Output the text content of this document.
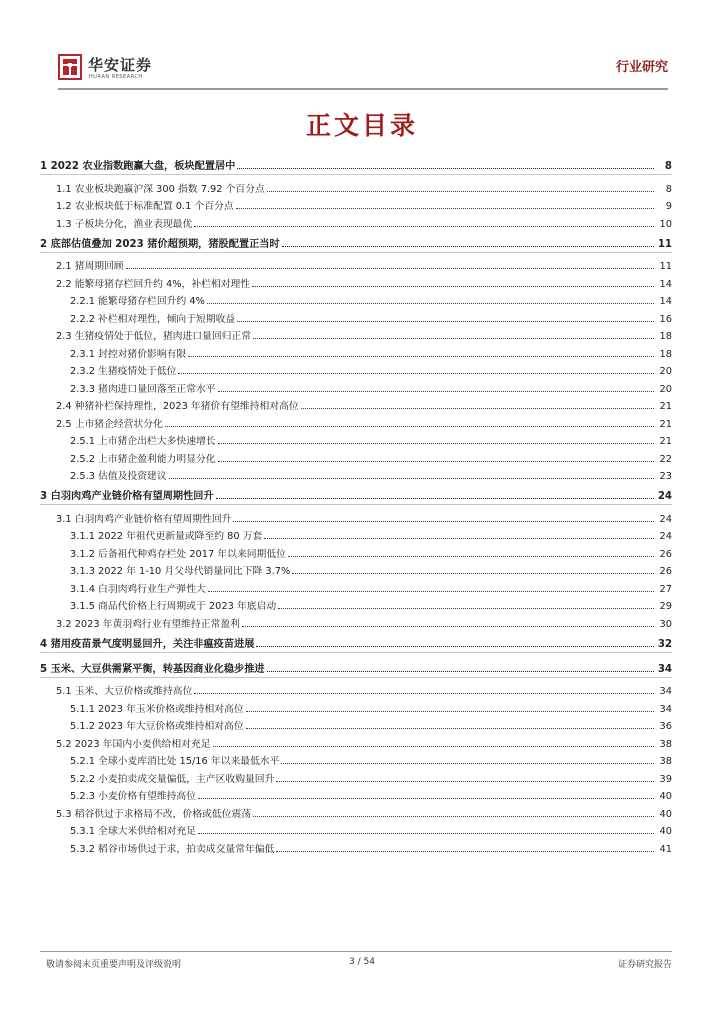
华安证券
HUAAN RESEARCH
行业研究
正文目录
1 2022 农业指数跑赢大盘，板块配置居中	8
1.1 农业板块跑赢沪深 300 指数 7.92 个百分点	8
1.2 农业板块低于标准配置 0.1 个百分点	9
1.3 子板块分化，渔业表现最优	10
2 底部估值叠加 2023 猪价超预期，猪股配置正当时	11
2.1 猪周期回顾	11
2.2 能繁母猪存栏回升约 4%，补栏相对理性	14
2.2.1 能繁母猪存栏回升约 4%	14
2.2.2 补栏相对理性，倾向于短期收益	16
2.3 生猪疫情处于低位，猪肉进口量回归正常	18
2.3.1 封控对猪价影响有限	18
2.3.2 生猪疫情处于低位	20
2.3.3 猪肉进口量回落至正常水平	20
2.4 种猪补栏保持理性，2023 年猪价有望维持相对高位	21
2.5 上市猪企经营状分化	21
2.5.1 上市猪企出栏大多快速增长	21
2.5.2 上市猪企盈利能力明显分化	22
2.5.3 估值及投资建议	23
3 白羽肉鸡产业链价格有望周期性回升	24
3.1 白羽肉鸡产业链价格有望周期性回升	24
3.1.1 2022 年祖代更新量或降至约 80 万套	24
3.1.2 后备祖代种鸡存栏处 2017 年以来同期低位	26
3.1.3 2022 年 1-10 月父母代销量同比下降 3.7%	26
3.1.4 白羽肉鸡行业生产弹性大	27
3.1.5 商品代价格上行周期或于 2023 年底启动	29
3.2 2023 年黄羽鸡行业有望维持正常盈利	30
4 猪用疫苗景气度明显回升，关注非瘟疫苗进展	32
5 玉米、大豆供需紧平衡，转基因商业化稳步推进	34
5.1 玉米、大豆价格或维持高位	34
5.1.1 2023 年玉米价格或维持相对高位	34
5.1.2 2023 年大豆价格或维持相对高位	36
5.2 2023 年国内小麦供给相对充足	38
5.2.1 全球小麦库消比处 15/16 年以来最低水平	38
5.2.2 小麦拍卖成交量偏低，主产区收购量回升	39
5.2.3 小麦价格有望维持高位	40
5.3 稻谷供过于求格局不改，价格或低位震荡	40
5.3.1 全球大米供给相对充足	40
5.3.2 稻谷市场供过于求，拍卖成交量常年偏低	41
敬请参阅末页重要声明及评级说明	3 / 54	证券研究报告
